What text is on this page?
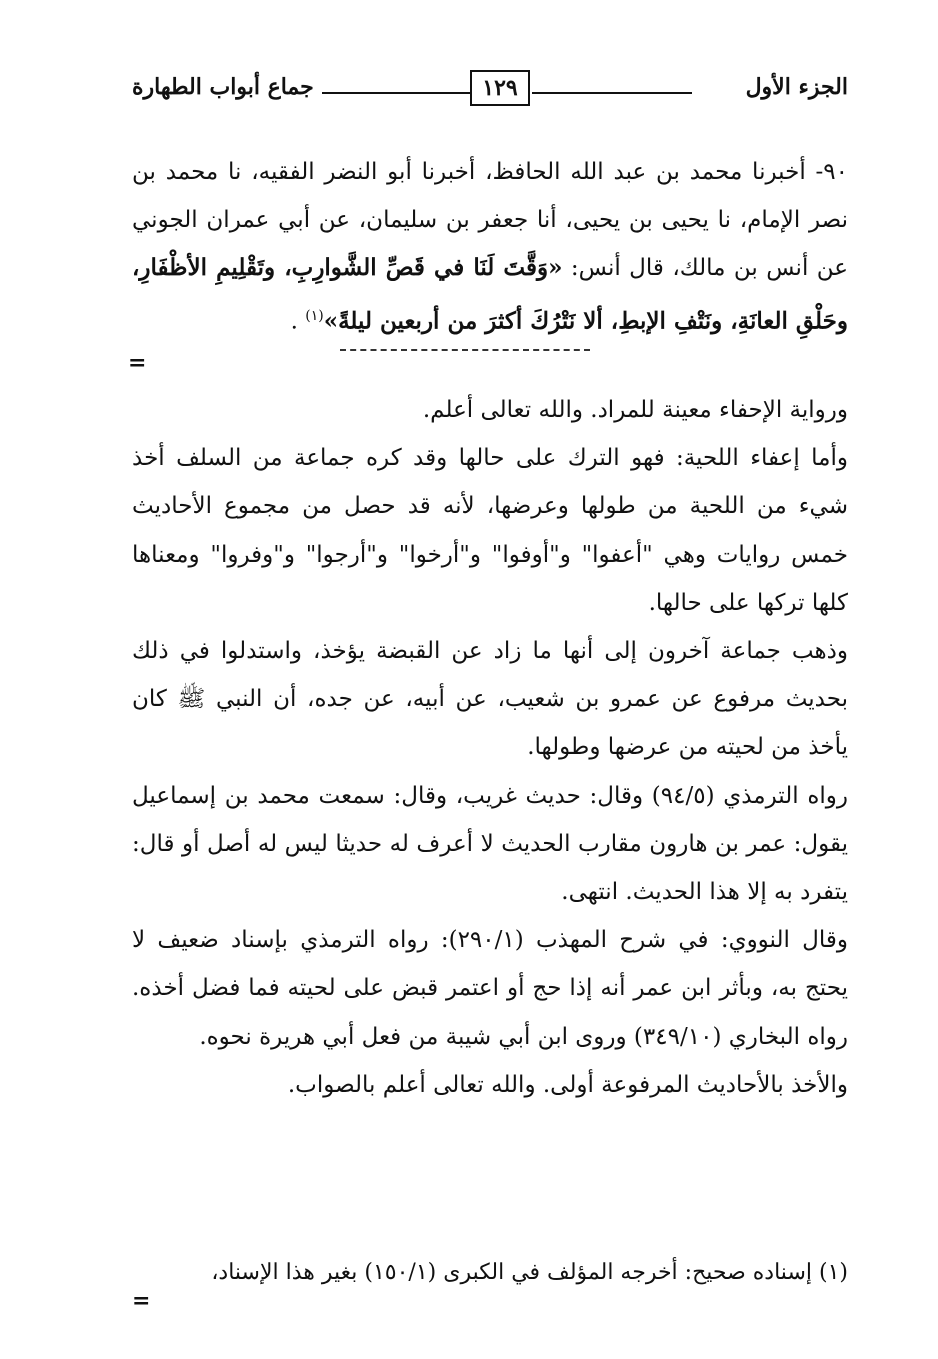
الجزء الأول
١٢٩
جماع أبواب الطهارة

٩٠- أخبرنا محمد بن عبد الله الحافظ، أخبرنا أبو النضر الفقيه، نا محمد بن نصر الإمام، نا يحيى بن يحيى، أنا جعفر بن سليمان، عن أبي عمران الجوني عن أنس بن مالك، قال أنس: «وَقَّتَ لَنَا في قَصِّ الشَّوارِبِ، وتَقْلِيمِ الأظْفَارِ، وحَلْقِ العانَةِ، ونَتْفِ الإبطِ، ألا نَتْرُكَ أكثرَ من أربعين ليلةً»$^{(١)}$ .

=

ورواية الإحفاء معينة للمراد. والله تعالى أعلم.

وأما إعفاء اللحية: فهو الترك على حالها وقد كره جماعة من السلف أخذ شيء من اللحية من طولها وعرضها، لأنه قد حصل من مجموع الأحاديث خمس روايات وهي "أعفوا" و"أوفوا" و"أرخوا" و"أرجوا" و"وفروا" ومعناها كلها تركها على حالها.

وذهب جماعة آخرون إلى أنها ما زاد عن القبضة يؤخذ، واستدلوا في ذلك بحديث مرفوع عن عمرو بن شعيب، عن أبيه، عن جده، أن النبي ﷺ كان يأخذ من لحيته من عرضها وطولها.

رواه الترمذي (٩٤/٥) وقال: حديث غريب، وقال: سمعت محمد بن إسماعيل يقول: عمر بن هارون مقارب الحديث لا أعرف له حديثا ليس له أصل أو قال: يتفرد به إلا هذا الحديث. انتهى.

وقال النووي: في شرح المهذب (٢٩٠/١): رواه الترمذي بإسناد ضعيف لا يحتج به، وبأثر ابن عمر أنه إذا حج أو اعتمر قبض على لحيته فما فضل أخذه. رواه البخاري (٣٤٩/١٠) وروى ابن أبي شيبة من فعل أبي هريرة نحوه.

والأخذ بالأحاديث المرفوعة أولى. والله تعالى أعلم بالصواب.

(١) إسناده صحيح: أخرجه المؤلف في الكبرى (١٥٠/١) بغير هذا الإسناد،

=
